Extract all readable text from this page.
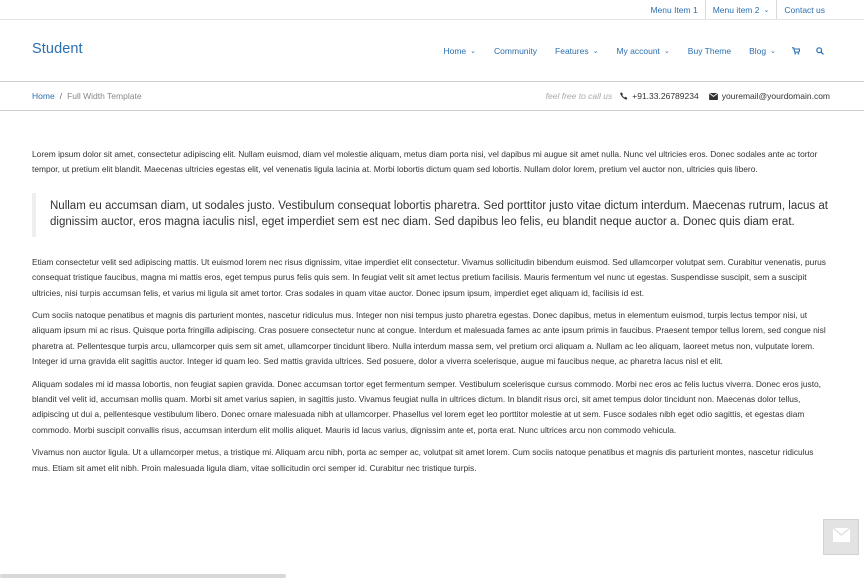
Menu Item 1 Menu item 2 ⌄ Contact us
Student	Home ⌄ Community Features ⌄ My account ⌄ Buy Theme Blog ⌄
Home / Full Width Template	feel free to call us +91.33.26789234	youremail@yourdomain.com

Lorem ipsum dolor sit amet, consectetur adipiscing elit. Nullam euismod, diam vel molestie aliquam, metus diam porta nisi, vel dapibus mi augue sit amet nulla. Nunc vel ultricies eros. Donec sodales ante ac tortor tempor, ut pretium elit blandit. Maecenas ultricies egestas elit, vel venenatis ligula lacinia at. Morbi lobortis dictum quam sed lobortis. Nullam dolor lorem, pretium vel auctor non, ultricies quis libero.

Nullam eu accumsan diam, ut sodales justo. Vestibulum consequat lobortis pharetra. Sed porttitor justo vitae dictum interdum. Maecenas rutrum, lacus at dignissim auctor, eros magna iaculis nisl, eget imperdiet sem est nec diam. Sed dapibus leo felis, eu blandit neque auctor a. Donec quis diam erat.

Etiam consectetur velit sed adipiscing mattis. Ut euismod lorem nec risus dignissim, vitae imperdiet elit consectetur. Vivamus sollicitudin bibendum euismod. Sed ullamcorper volutpat sem. Curabitur venenatis, purus consequat tristique faucibus, magna mi mattis eros, eget tempus purus felis quis sem. In feugiat velit sit amet lectus pretium facilisis. Mauris fermentum vel nunc ut egestas. Suspendisse suscipit, sem a suscipit ultricies, nisi turpis accumsan felis, et varius mi ligula sit amet tortor. Cras sodales in quam vitae auctor. Donec ipsum ipsum, imperdiet eget aliquam id, facilisis id est.

Cum sociis natoque penatibus et magnis dis parturient montes, nascetur ridiculus mus. Integer non nisi tempus justo pharetra egestas. Donec dapibus, metus in elementum euismod, turpis lectus tempor nisi, ut aliquam ipsum mi ac risus. Quisque porta fringilla adipiscing. Cras posuere consectetur nunc at congue. Interdum et malesuada fames ac ante ipsum primis in faucibus. Praesent tempor tellus lorem, sed congue nisl pharetra at. Pellentesque turpis arcu, ullamcorper quis sem sit amet, ullamcorper tincidunt libero. Nulla interdum massa sem, vel pretium orci aliquam a. Nullam ac leo aliquam, laoreet metus non, vulputate lorem. Integer id urna gravida elit sagittis auctor. Integer id quam leo. Sed mattis gravida ultrices. Sed posuere, dolor a viverra scelerisque, augue mi faucibus neque, ac pharetra lacus nisl et elit.

Aliquam sodales mi id massa lobortis, non feugiat sapien gravida. Donec accumsan tortor eget fermentum semper. Vestibulum scelerisque cursus commodo. Morbi nec eros ac felis luctus viverra. Donec eros justo, blandit vel velit id, accumsan mollis quam. Morbi sit amet varius sapien, in sagittis justo. Vivamus feugiat nulla in ultrices dictum. In blandit risus orci, sit amet tempus dolor tincidunt non. Maecenas dolor tellus, adipiscing ut dui a, pellentesque vestibulum libero. Donec ornare malesuada nibh at ullamcorper. Phasellus vel lorem eget leo porttitor molestie at ut sem. Fusce sodales nibh eget odio sagittis, et egestas diam commodo. Morbi suscipit convallis risus, accumsan interdum elit mollis aliquet. Mauris id lacus varius, dignissim ante et, porta erat. Nunc ultrices arcu non commodo vehicula.

Vivamus non auctor ligula. Ut a ullamcorper metus, a tristique mi. Aliquam arcu nibh, porta ac semper ac, volutpat sit amet lorem. Cum sociis natoque penatibus et magnis dis parturient montes, nascetur ridiculus mus. Etiam sit amet elit nibh. Proin malesuada ligula diam, vitae sollicitudin orci semper id. Curabitur nec tristique turpis.
